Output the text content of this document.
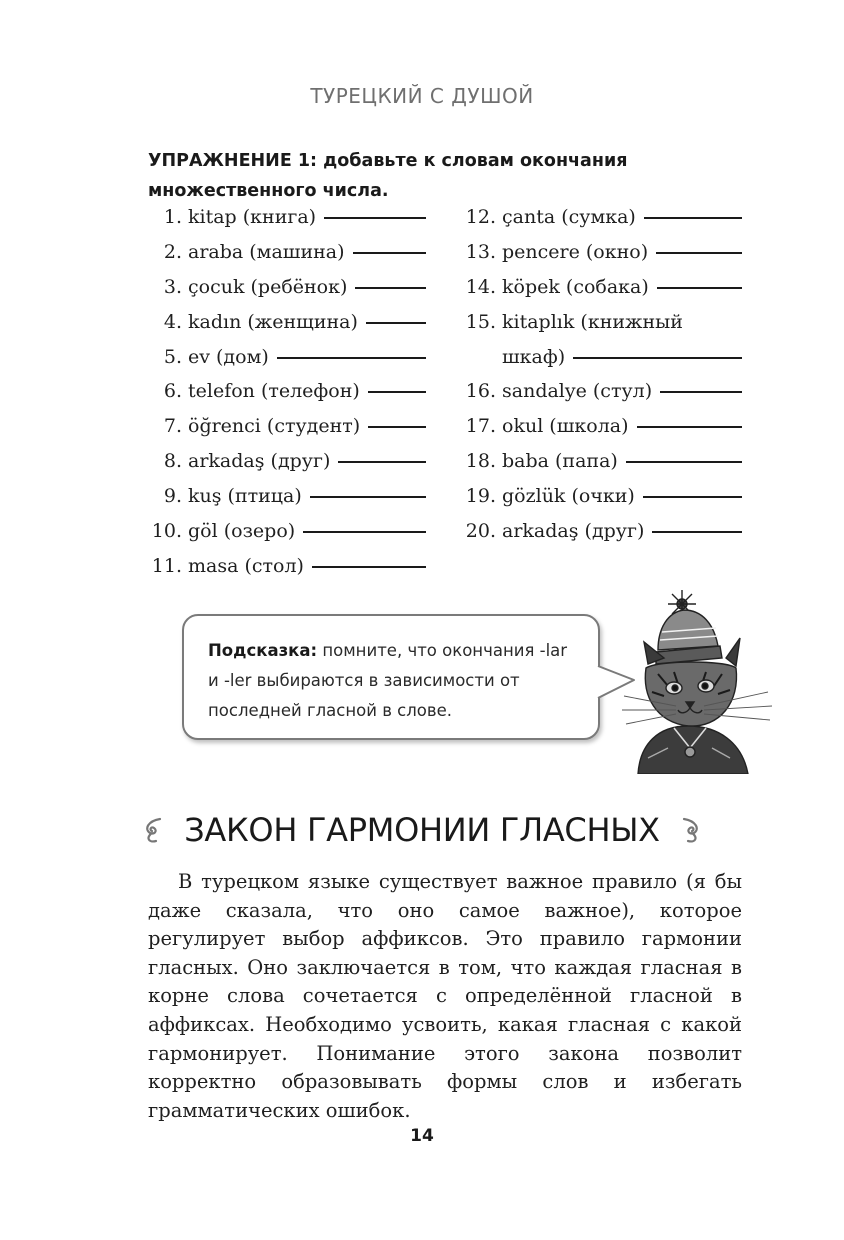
ТУРЕЦКИЙ С ДУШОЙ
УПРАЖНЕНИЕ 1: добавьте к словам окончания множественного числа.
1. kitap (книга)
2. araba (машина)
3. çocuk (ребёнок)
4. kadın (женщина)
5. ev (дом)
6. telefon (телефон)
7. öğrenci (студент)
8. arkadaş (друг)
9. kuş (птица)
10. göl (озеро)
11. masa (стол)
12. çanta (сумка)
13. pencere (окно)
14. köpek (собака)
15. kitaplık (книжный
шкаф)
16. sandalye (стул)
17. okul (школа)
18. baba (папа)
19. gözlük (очки)
20. arkadaş (друг)
Подсказка: помните, что окончания -lar и -ler выбираются в зависимости от последней гласной в слове.
ЗАКОН ГАРМОНИИ ГЛАСНЫХ

В турецком языке существует важное правило (я бы даже сказала, что оно самое важное), которое регулирует выбор аффиксов. Это правило гармонии гласных. Оно заключается в том, что каждая гласная в корне слова сочетается с определённой гласной в аффиксах. Необходимо усвоить, какая гласная с какой гармонирует. Понимание этого закона позволит корректно образовывать формы слов и избегать грамматических ошибок.

14
